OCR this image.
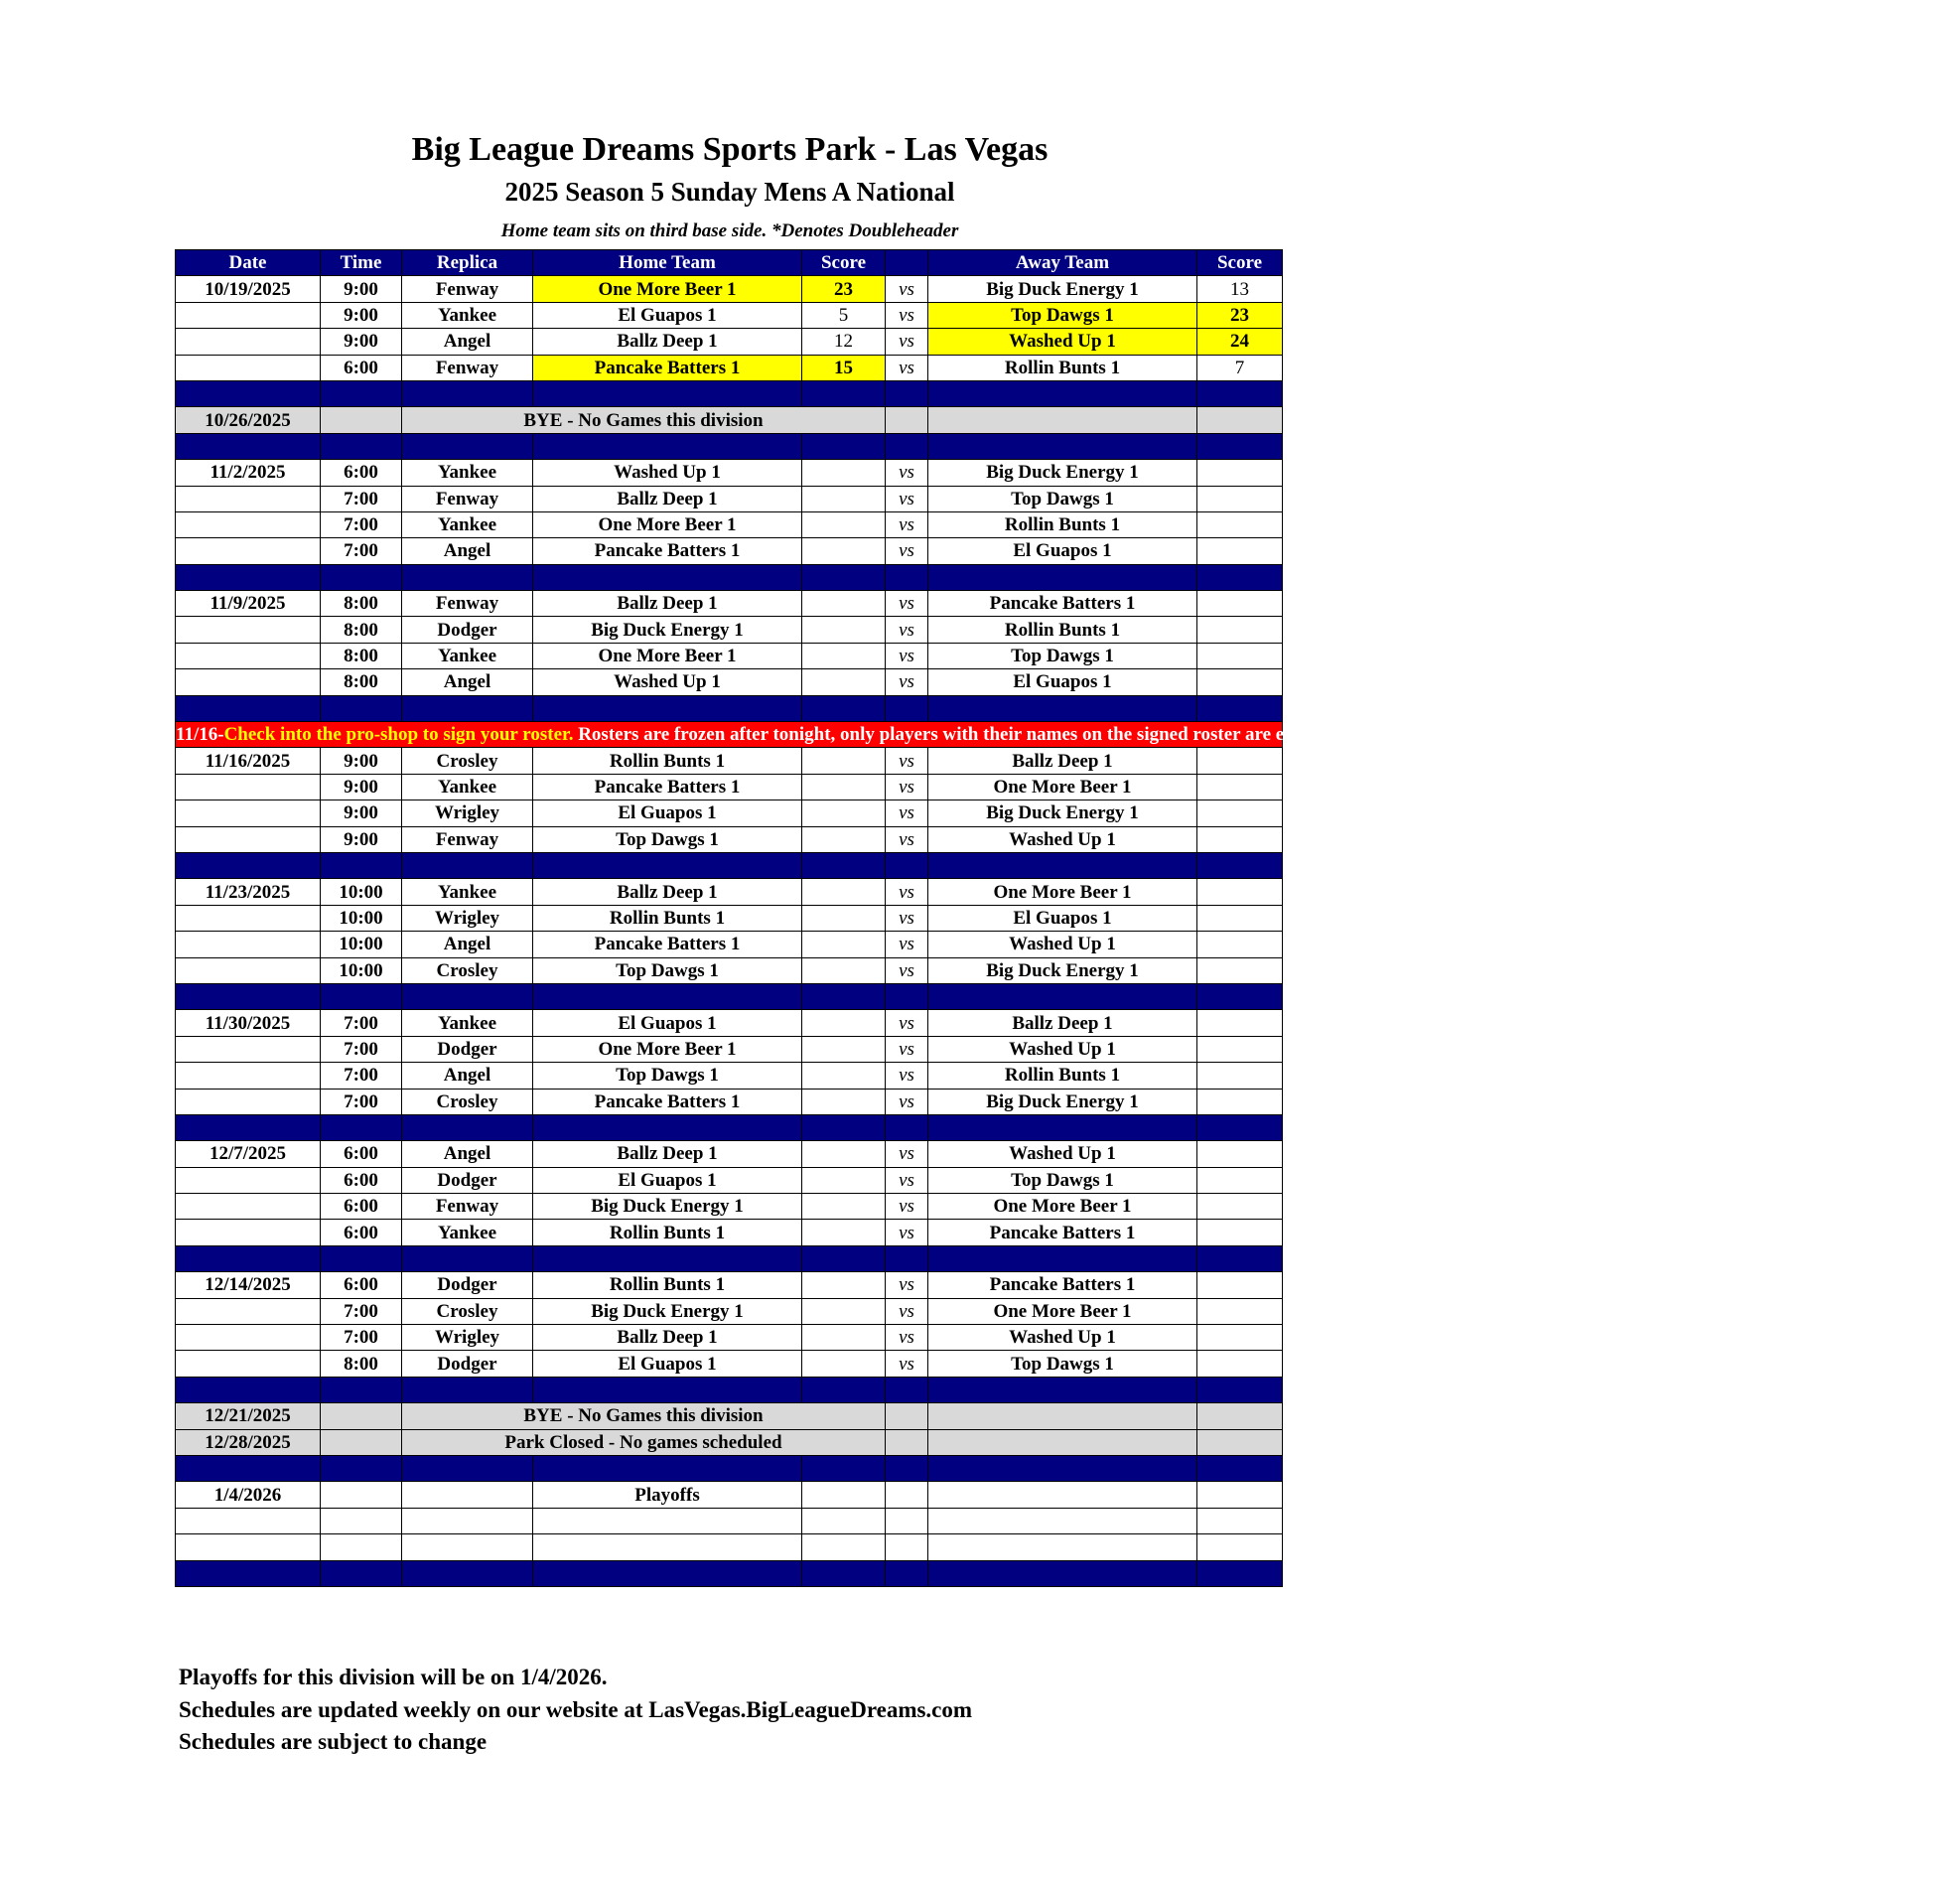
Big League Dreams Sports Park - Las Vegas
2025 Season 5 Sunday Mens A National

Home team sits on third base side. *Denotes Doubleheader

Date	Time	Replica	Home Team	Score		Away Team	Score
10/19/2025	9:00	Fenway	One More Beer 1	23	vs	Big Duck Energy 1	13
	9:00	Yankee	El Guapos 1	5	vs	Top Dawgs 1	23
	9:00	Angel	Ballz Deep 1	12	vs	Washed Up 1	24
	6:00	Fenway	Pancake Batters 1	15	vs	Rollin Bunts 1	7

10/26/2025		BYE - No Games this division					

11/2/2025	6:00	Yankee	Washed Up 1		vs	Big Duck Energy 1	
	7:00	Fenway	Ballz Deep 1		vs	Top Dawgs 1	
	7:00	Yankee	One More Beer 1		vs	Rollin Bunts 1	
	7:00	Angel	Pancake Batters 1		vs	El Guapos 1	

11/9/2025	8:00	Fenway	Ballz Deep 1		vs	Pancake Batters 1	
	8:00	Dodger	Big Duck Energy 1		vs	Rollin Bunts 1	
	8:00	Yankee	One More Beer 1		vs	Top Dawgs 1	
	8:00	Angel	Washed Up 1		vs	El Guapos 1	

11/16-Check into the pro-shop to sign your roster. Rosters are frozen after tonight, only players with their names on the signed roster are eligible for playoffs. Please check carefully as changes will not be made for omissions.							
11/16/2025	9:00	Crosley	Rollin Bunts 1		vs	Ballz Deep 1	
	9:00	Yankee	Pancake Batters 1		vs	One More Beer 1	
	9:00	Wrigley	El Guapos 1		vs	Big Duck Energy 1	
	9:00	Fenway	Top Dawgs 1		vs	Washed Up 1	

11/23/2025	10:00	Yankee	Ballz Deep 1		vs	One More Beer 1	
	10:00	Wrigley	Rollin Bunts 1		vs	El Guapos 1	
	10:00	Angel	Pancake Batters 1		vs	Washed Up 1	
	10:00	Crosley	Top Dawgs 1		vs	Big Duck Energy 1	

11/30/2025	7:00	Yankee	El Guapos 1		vs	Ballz Deep 1	
	7:00	Dodger	One More Beer 1		vs	Washed Up 1	
	7:00	Angel	Top Dawgs 1		vs	Rollin Bunts 1	
	7:00	Crosley	Pancake Batters 1		vs	Big Duck Energy 1	

12/7/2025	6:00	Angel	Ballz Deep 1		vs	Washed Up 1	
	6:00	Dodger	El Guapos 1		vs	Top Dawgs 1	
	6:00	Fenway	Big Duck Energy 1		vs	One More Beer 1	
	6:00	Yankee	Rollin Bunts 1		vs	Pancake Batters 1	

12/14/2025	6:00	Dodger	Rollin Bunts 1		vs	Pancake Batters 1	
	7:00	Crosley	Big Duck Energy 1		vs	One More Beer 1	
	7:00	Wrigley	Ballz Deep 1		vs	Washed Up 1	
	8:00	Dodger	El Guapos 1		vs	Top Dawgs 1	

12/21/2025		BYE - No Games this division					
12/28/2025		Park Closed - No games scheduled					

1/4/2026			Playoffs				

Playoffs for this division will be on 1/4/2026.

Schedules are updated weekly on our website at LasVegas.BigLeagueDreams.com

Schedules are subject to change
